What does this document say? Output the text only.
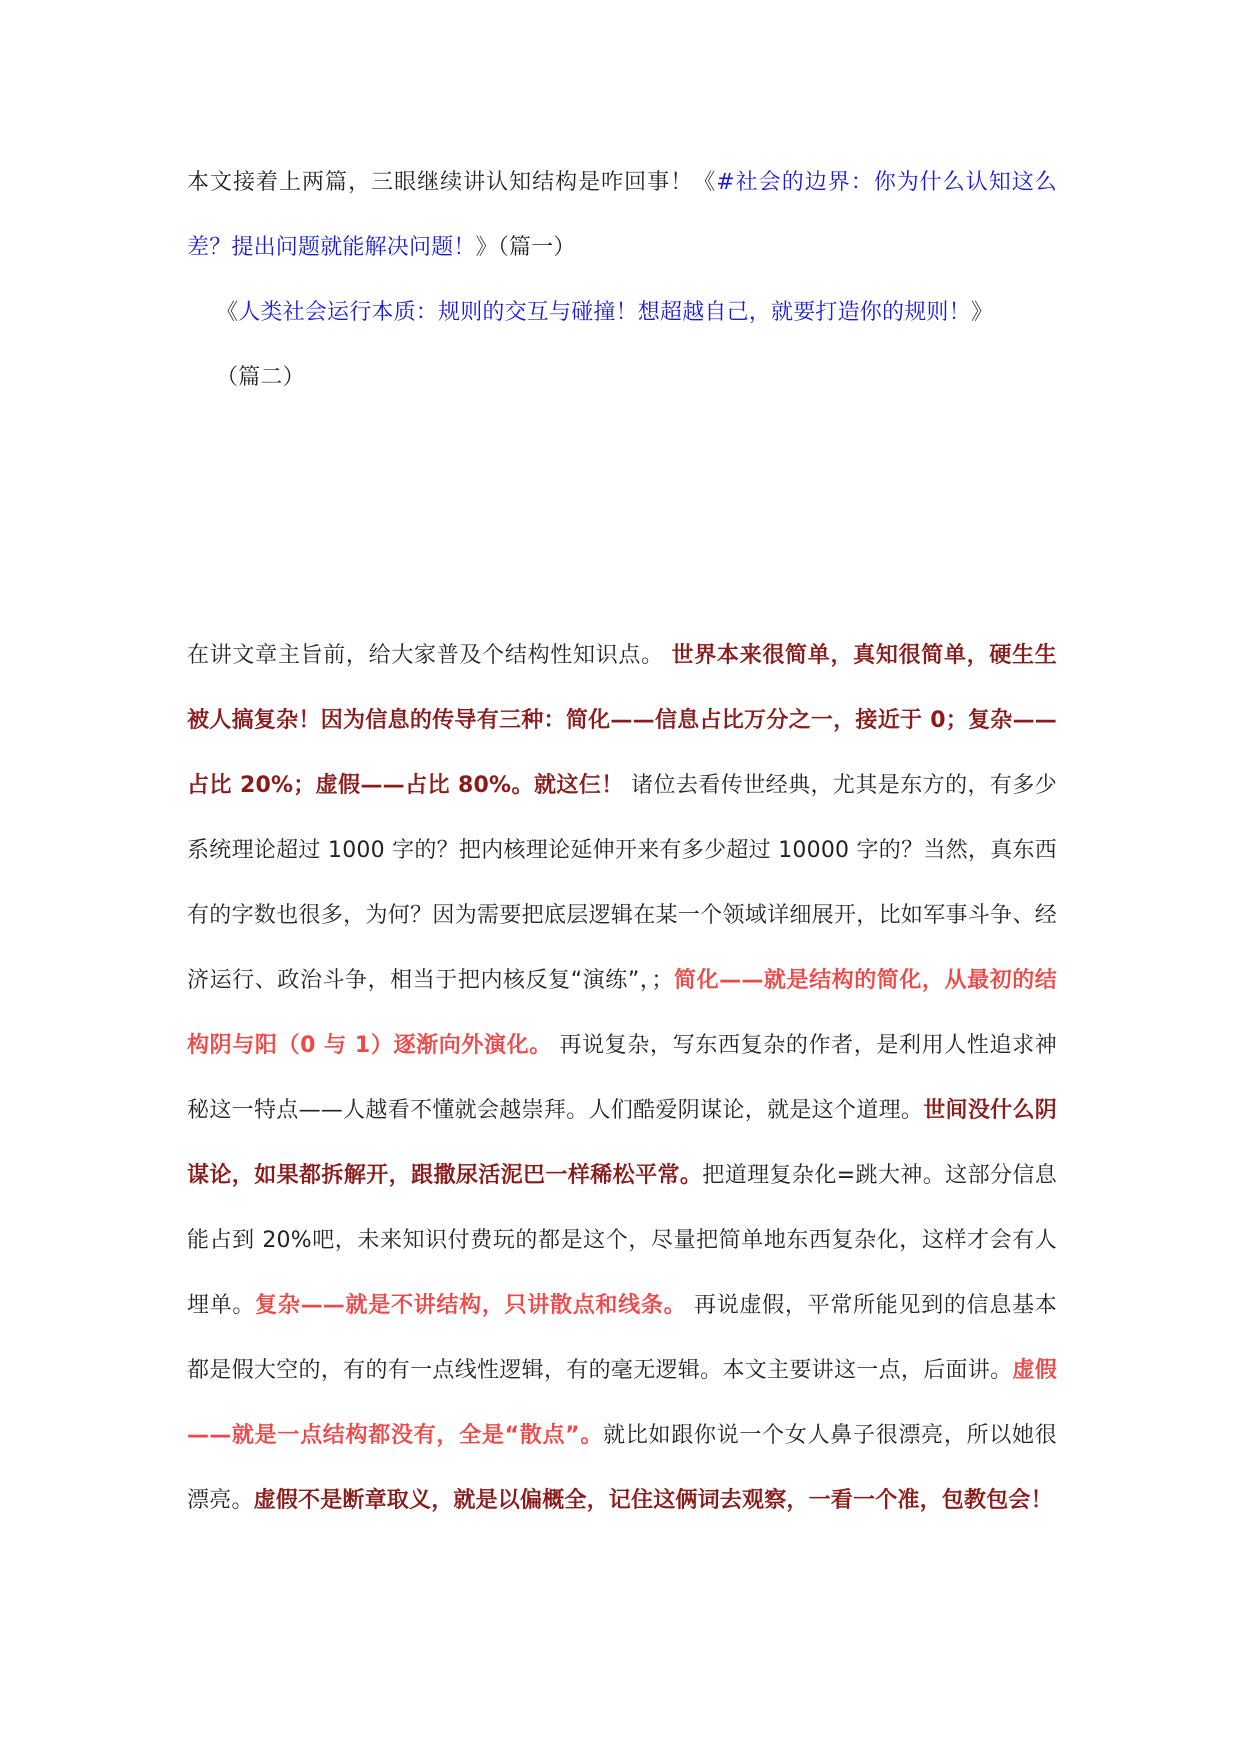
本文接着上两篇，三眼继续讲认知结构是咋回事！《#社会的边界：你为什么认知这么差？提出问题就能解决问题！》（篇一）
《人类社会运行本质：规则的交互与碰撞！想超越自己，就要打造你的规则！》
（篇二）
在讲文章主旨前，给大家普及个结构性知识点。 世界本来很简单，真知很简单，硬生生被人搞复杂！因为信息的传导有三种：简化——信息占比万分之一，接近于 0；复杂——占比 20%；虚假——占比 80%。就这仨！ 诸位去看传世经典，尤其是东方的，有多少系统理论超过 1000 字的？把内核理论延伸开来有多少超过 10000 字的？当然，真东西有的字数也很多，为何？因为需要把底层逻辑在某一个领域详细展开，比如军事斗争、经济运行、政治斗争，相当于把内核反复“演练”，；简化——就是结构的简化，从最初的结构阴与阳（0 与 1）逐渐向外演化。 再说复杂，写东西复杂的作者，是利用人性追求神秘这一特点——人越看不懂就会越崇拜。人们酷爱阴谋论，就是这个道理。世间没什么阴谋论，如果都拆解开，跟撒尿活泥巴一样稀松平常。把道理复杂化=跳大神。这部分信息能占到 20%吧，未来知识付费玩的都是这个，尽量把简单地东西复杂化，这样才会有人埋单。复杂——就是不讲结构，只讲散点和线条。 再说虚假，平常所能见到的信息基本都是假大空的，有的有一点线性逻辑，有的毫无逻辑。本文主要讲这一点，后面讲。虚假——就是一点结构都没有，全是“散点”。就比如跟你说一个女人鼻子很漂亮，所以她很漂亮。虚假不是断章取义，就是以偏概全，记住这俩词去观察，一看一个准，包教包会！
